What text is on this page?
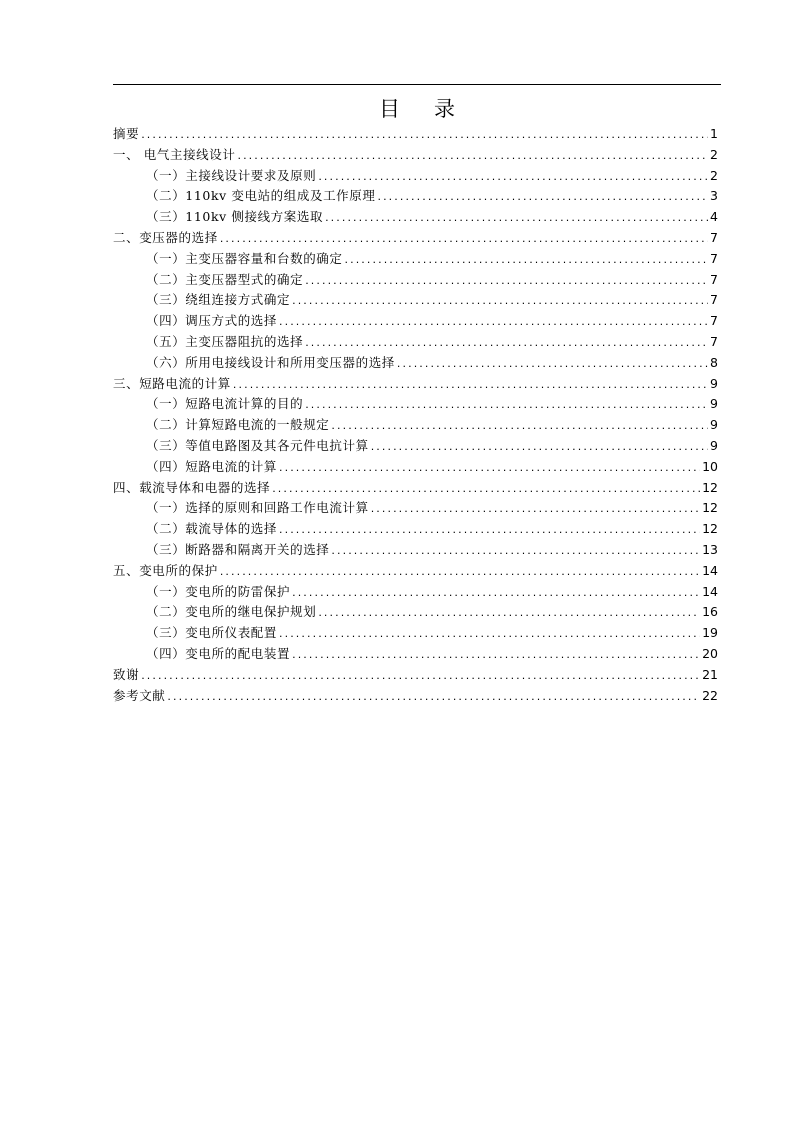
目 录
摘要 .....	1
一、 电气主接线设计 .....	2
（一）主接线设计要求及原则 .....	2
（二）110kv 变电站的组成及工作原理 .....	3
（三）110kv 侧接线方案选取 .....	4
二、变压器的选择 .....	7
（一）主变压器容量和台数的确定 .....	7
（二）主变压器型式的确定 .....	7
（三）绕组连接方式确定 .....	7
（四）调压方式的选择 .....	7
（五）主变压器阻抗的选择 .....	7
（六）所用电接线设计和所用变压器的选择 .....	8
三、短路电流的计算 .....	9
（一）短路电流计算的目的 .....	9
（二）计算短路电流的一般规定 .....	9
（三）等值电路图及其各元件电抗计算 .....	9
（四）短路电流的计算 .....	10
四、载流导体和电器的选择 .....	12
（一）选择的原则和回路工作电流计算 .....	12
（二）载流导体的选择 .....	12
（三）断路器和隔离开关的选择 .....	13
五、变电所的保护 .....	14
（一）变电所的防雷保护 .....	14
（二）变电所的继电保护规划 .....	16
（三）变电所仪表配置 .....	19
（四）变电所的配电装置 .....	20
致谢 .....	21
参考文献 .....	22
